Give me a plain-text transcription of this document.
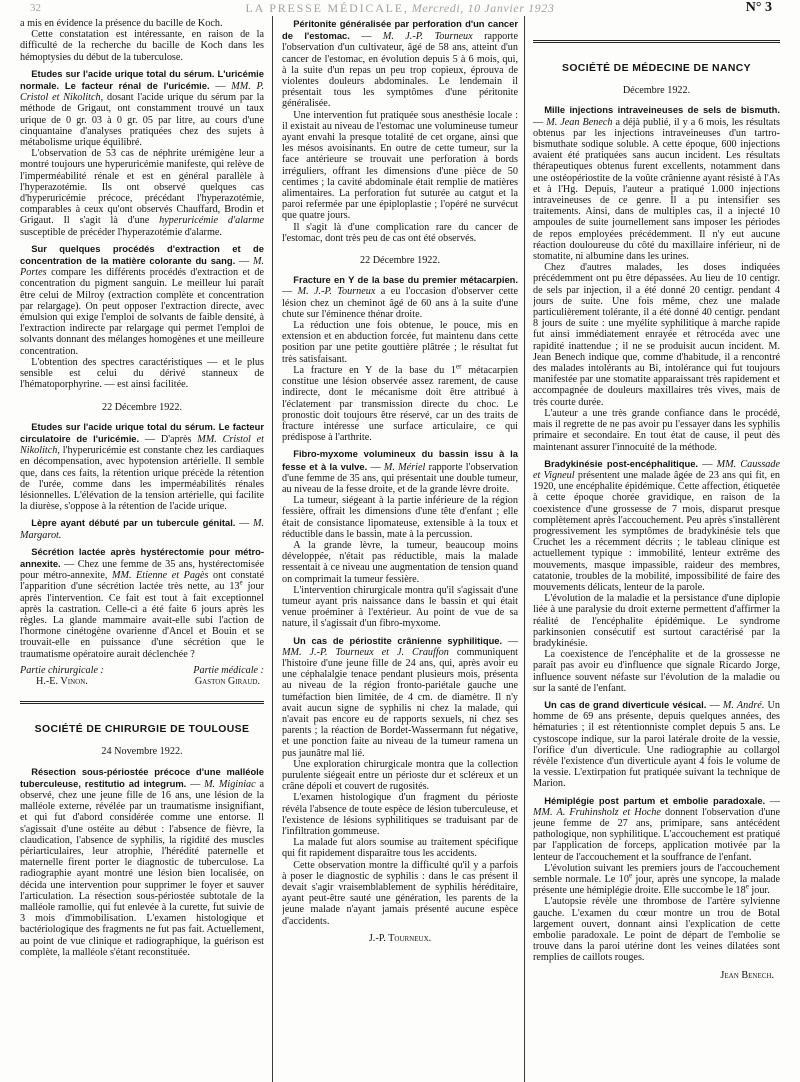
32	LA PRESSE MÉDICALE, Mercredi, 10 Janvier 1923	N° 3

a mis en évidence la présence du bacille de Koch.

Cette constatation est intéressante, en raison de la difficulté de la recherche du bacille de Koch dans les hémoptysies du début de la tuberculose.

Etudes sur l'acide urique total du sérum. L'uricémie normale. Le facteur rénal de l'uricémie. — MM. P. Cristol et Nikolitch, dosant l'acide urique du sérum par la méthode de Grigaut, ont constamment trouvé un taux urique de 0 gr. 03 à 0 gr. 05 par litre, au cours d'une cinquantaine d'analyses pratiquées chez des sujets à métabolisme urique équilibré.

L'observation de 53 cas de néphrite urémigène leur a montré toujours une hyperuricémie manifeste, qui relève de l'imperméabilité rénale et est en général parallèle à l'hyperazotémie. Ils ont observé quelques cas d'hyperuricémie précoce, précédant l'hyperazotémie, comparables à ceux qu'ont observés Chauffard, Brodin et Grigaut. Il s'agit là d'une hyperuricémie d'alarme susceptible de précéder l'hyperazotémie d'alarme.

Sur quelques procédés d'extraction et de concentration de la matière colorante du sang. — M. Portes compare les différents procédés d'extraction et de concentration du pigment sanguin. Le meilleur lui paraît être celui de Milroy (extraction complète et concentration par relargage). On peut opposer l'extraction directe, avec émulsion qui exige l'emploi de solvants de faible densité, à l'extraction indirecte par relargage qui permet l'emploi de solvants donnant des mélanges homogènes et une meilleure concentration.

L'obtention des spectres caractéristiques — et le plus sensible est celui du dérivé stanneux de l'hématoporphyrine. — est ainsi facilitée.

22 Décembre 1922.

Etudes sur l'acide urique total du sérum. Le facteur circulatoire de l'uricémie. — D'après MM. Cristol et Nikolitch, l'hyperuricémie est constante chez les cardiaques en décompensation, avec hypotension artérielle. Il semble que, dans ces faits, la rétention urique précède la rétention de l'urée, comme dans les imperméabilités rénales lésionnelles. L'élévation de la tension artérielle, qui facilite la diurèse, s'oppose à la rétention de l'acide urique.

Lèpre ayant débuté par un tubercule génital. — M. Margarot.

Sécrétion lactée après hystérectomie pour métro-annexite. — Chez une femme de 35 ans, hystérectomisée pour métro-annexite, MM. Etienne et Pagès ont constaté l'apparition d'une sécrétion lactée très nette, au 13e jour après l'intervention. Ce fait est tout à fait exceptionnel après la castration. Celle-ci a été faite 6 jours après les règles. La glande mammaire avait-elle subi l'action de l'hormone cinétogène ovarienne d'Ancel et Bouin et se trouvait-elle en puissance d'une sécrétion que le traumatisme opératoire aurait déclenchée ?

Partie chirurgicale :
H.-E. Vinon.
Partie médicale :
Gaston Giraud.
SOCIÉTÉ DE CHIRURGIE DE TOULOUSE
24 Novembre 1922.

Résection sous-périostée précoce d'une malléole tuberculeuse, restitutio ad integrum. — M. Miginiac a observé, chez une jeune fille de 16 ans, une lésion de la malléole externe, révélée par un traumatisme insignifiant, et qui fut d'abord considérée comme une entorse. Il s'agissait d'une ostéite au début : l'absence de fièvre, la claudication, l'absence de syphilis, la rigidité des muscles périarticulaires, leur atrophie, l'hérédité paternelle et maternelle firent porter le diagnostic de tuberculose. La radiographie ayant montré une lésion bien localisée, on décida une intervention pour supprimer le foyer et sauver l'articulation. La résection sous-périostée subtotale de la malléole ramollie, qui fut enlevée à la curette, fut suivie de 3 mois d'immobilisation. L'examen histologique et bactériologique des fragments ne fut pas fait. Actuellement, au point de vue clinique et radiographique, la guérison est complète, la malléole s'étant reconstituée.

Péritonite généralisée par perforation d'un cancer de l'estomac. — M. J.-P. Tourneux rapporte l'observation d'un cultivateur, âgé de 58 ans, atteint d'un cancer de l'estomac, en évolution depuis 5 à 6 mois, qui, à la suite d'un repas un peu trop copieux, éprouva de violentes douleurs abdominales. Le lendemain il présentait tous les symptômes d'une péritonite généralisée.

Une intervention fut pratiquée sous anesthésie locale : il existait au niveau de l'estomac une volumineuse tumeur ayant envahi la presque totalité de cet organe, ainsi que les mésos avoisinants. En outre de cette tumeur, sur la face antérieure se trouvait une perforation à bords irréguliers, offrant les dimensions d'une pièce de 50 centimes ; la cavité abdominale était remplie de matières alimentaires. La perforation fut suturée au catgut et la paroi refermée par une épiploplastie ; l'opéré ne survécut que quatre jours.

Il s'agit là d'une complication rare du cancer de l'estomac, dont très peu de cas ont été observés.

22 Décembre 1922.

Fracture en Y de la base du premier métacarpien. — M. J.-P. Tourneux a eu l'occasion d'observer cette lésion chez un cheminot âgé de 60 ans à la suite d'une chute sur l'éminence thénar droite.

La réduction une fois obtenue, le pouce, mis en extension et en abduction forcée, fut maintenu dans cette position par une petite gouttière plâtrée ; le résultat fut très satisfaisant.

La fracture en Y de la base du 1er métacarpien constitue une lésion observée assez rarement, de cause indirecte, dont le mécanisme doit être attribué à l'éclatement par transmission directe du choc. Le pronostic doit toujours être réservé, car un des traits de fracture intéresse une surface articulaire, ce qui prédispose à l'arthrite.

Fibro-myxome volumineux du bassin issu à la fesse et à la vulve. — M. Mériel rapporte l'observation d'une femme de 35 ans, qui présentait une double tumeur, au niveau de la fesse droite, et de la grande lèvre droite.

La tumeur, siégeant à la partie inférieure de la région fessière, offrait les dimensions d'une tête d'enfant ; elle était de consistance lipomateuse, extensible à la toux et réductible dans le bassin, mate à la percussion.

A la grande lèvre, la tumeur, beaucoup moins développée, n'était pas réductible, mais la malade ressentait à ce niveau une augmentation de tension quand on comprimait la tumeur fessière.

L'intervention chirurgicale montra qu'il s'agissait d'une tumeur ayant pris naissance dans le bassin et qui était venue proéminer à l'extérieur. Au point de vue de sa nature, il s'agissait d'un fibro-myxome.

Un cas de périostite crânienne syphilitique. — MM. J.-P. Tourneux et J. Crauffon communiquent l'histoire d'une jeune fille de 24 ans, qui, après avoir eu une céphalalgie tenace pendant plusieurs mois, présenta au niveau de la région fronto-pariétale gauche une tuméfaction bien limitée, de 4 cm. de diamètre. Il n'y avait aucun signe de syphilis ni chez la malade, qui n'avait pas encore eu de rapports sexuels, ni chez ses parents ; la réaction de Bordet-Wassermann fut négative, et une ponction faite au niveau de la tumeur ramena un pus jaunâtre mal lié.

Une exploration chirurgicale montra que la collection purulente siégeait entre un périoste dur et scléreux et un crâne dépoli et couvert de rugosités.

L'examen histologique d'un fragment du périoste révéla l'absence de toute espèce de lésion tuberculeuse, et l'existence de lésions syphilitiques se traduisant par de l'infiltration gommeuse.

La malade fut alors soumise au traitement spécifique qui fit rapidement disparaître tous les accidents.

Cette observation montre la difficulté qu'il y a parfois à poser le diagnostic de syphilis : dans le cas présent il devait s'agir vraisemblablement de syphilis héréditaire, ayant peut-être sauté une génération, les parents de la jeune malade n'ayant jamais présenté aucune espèce d'accidents.

J.-P. Tourneux.
SOCIÉTÉ DE MÉDECINE DE NANCY
Décembre 1922.

Mille injections intraveineuses de sels de bismuth. — M. Jean Benech a déjà publié, il y a 6 mois, les résultats obtenus par les injections intraveineuses d'un tartro-bismuthate sodique soluble. A cette époque, 600 injections avaient été pratiquées sans aucun incident. Les résultats thérapeutiques obtenus furent excellents, notamment dans une ostéopériostite de la voûte crânienne ayant résisté à l'As et à l'Hg. Depuis, l'auteur a pratiqué 1.000 injections intraveineuses de ce genre. Il a pu intensifier ses traitements. Ainsi, dans de multiples cas, il a injecté 10 ampoules de suite journellement sans imposer les périodes de repos employées précédemment. Il n'y eut aucune réaction douloureuse du côté du maxillaire inférieur, ni de stomatite, ni albumine dans les urines.

Chez d'autres malades, les doses indiquées précédemment ont pu être dépassées. Au lieu de 10 centigr. de sels par injection, il a été donné 20 centigr. pendant 4 jours de suite. Une fois même, chez une malade particulièrement tolérante, il a été donné 40 centigr. pendant 8 jours de suite : une myélite syphilitique à marche rapide fut ainsi immédiatement enrayée et rétrocéda avec une rapidité inattendue ; il ne se produisit aucun incident. M. Jean Benech indique que, comme d'habitude, il a rencontré des malades intolérants au Bi, intolérance qui fut toujours manifestée par une stomatite apparaissant très rapidement et accompagnée de douleurs maxillaires très vives, mais de très courte durée.

L'auteur a une très grande confiance dans le procédé, mais il regrette de ne pas avoir pu l'essayer dans les syphilis primaire et secondaire. En tout état de cause, il peut dès maintenant assurer l'innocuité de la méthode.

Bradykinésie post-encéphalitique. — MM. Caussade et Vigneul présentent une malade âgée de 23 ans qui fit, en 1920, une encéphalite épidémique. Cette affection, étiquetée à cette époque chorée gravidique, en raison de la coexistence d'une grossesse de 7 mois, disparut presque complètement après l'accouchement. Peu après s'installèrent progressivement les symptômes de bradykinésie tels que Cruchet les a récemment décrits ; le tableau clinique est actuellement typique : immobilité, lenteur extrême des mouvements, masque impassible, raideur des membres, catatonie, troubles de la mobilité, impossibilité de faire des mouvements délicats, lenteur de la parole.

L'évolution de la maladie et la persistance d'une diplopie liée à une paralysie du droit externe permettent d'affirmer la réalité de l'encéphalite épidémique. Le syndrome parkinsonien consécutif est surtout caractérisé par la bradykinésie.

La coexistence de l'encéphalite et de la grossesse ne paraît pas avoir eu d'influence que signale Ricardo Jorge, influence souvent néfaste sur l'évolution de la maladie ou sur la santé de l'enfant.

Un cas de grand diverticule vésical. — M. André. Un homme de 69 ans présente, depuis quelques années, des hématuries ; il est rétentionniste complet depuis 5 ans. Le cystoscope indique, sur la paroi latérale droite de la vessie, l'orifice d'un diverticule. Une radiographie au collargol révèle l'existence d'un diverticule ayant 4 fois le volume de la vessie. L'extirpation fut pratiquée suivant la technique de Marion.

Hémiplégie post partum et embolie paradoxale. — MM. A. Fruhinsholz et Hoche donnent l'observation d'une jeune femme de 27 ans, primipare, sans antécédent pathologique, non syphilitique. L'accouchement est pratiqué par l'application de forceps, application motivée par la lenteur de l'accouchement et la souffrance de l'enfant.

L'évolution suivant les premiers jours de l'accouchement semble normale. Le 10e jour, après une syncope, la malade présente une hémiplégie droite. Elle succombe le 18e jour.

L'autopsie révèle une thrombose de l'artère sylvienne gauche. L'examen du cœur montre un trou de Botal largement ouvert, donnant ainsi l'explication de cette embolie paradoxale. Le point de départ de l'embolie se trouve dans la paroi utérine dont les veines dilatées sont remplies de caillots rouges.

Jean Benech.
